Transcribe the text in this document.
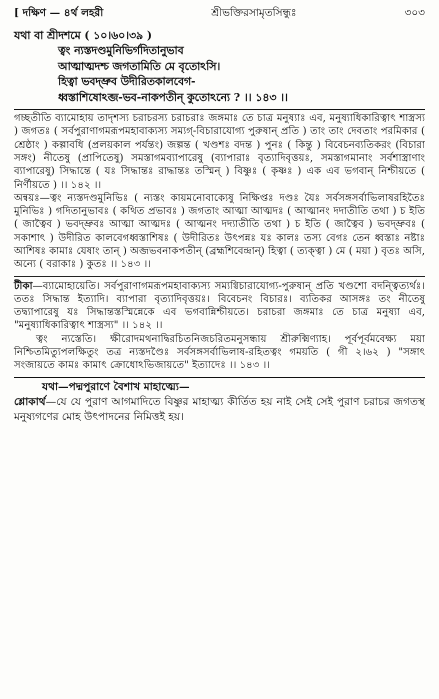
[ দক্ষিণ — ৪র্থ লহরী	শ্রীভক্তিরসামৃতসিন্ধুঃ	৩০৩
যথা বা শ্রীদশমে ( ১০।৬০।৩৯ )
ত্বং ন্যস্তদণ্ডমুনিভির্গদিতানুভাব
আত্মাত্মদশ্চ জগতামিতি মে বৃতোঽসি।
হিত্বা ভবদ্ভ্রুব উদীরিতকালবেগ-
ধ্বস্তাশিষোঽব্জ-ভব-নাকপতীন্ কুতোঽন্যে ? ।। ১৪৩ ।।

গচ্ছতীতি ব্যামোহায় তাদৃশস্য চরাচরস্য চরাচরাঃ জঙ্গমাঃ তে চাত্র মনুষ্যাঃ এব, মনুষ্যাধিকারিত্বাৎ শাস্ত্রস্য ) জগতঃ ( সর্বপুরাণাগমরূপমহাবাক্যস্য সম্যগ্-বিচারাযোগ্য পুরুষান্ প্রতি ) তাং তাং দেবতাং পরমিকার ( শ্রেষ্ঠাং ) কল্পাবধি (প্রলয়কাল পর্যন্তং) জল্পন্ত ( খণ্ডশঃ বদন্ত ) পুনঃ ( কিন্তু ) বিবেচনব্যতিকরং (বিচারা সঙ্গং) নীতেষু (প্রাপিতেষু) সমস্তাগমব্যাপারেষু (ব্যাপারাঃ বৃত্যাদিবৃত্তয়ঃ, সমস্তাগমানাং সর্বশাস্ত্রাণাং ব্যাপারেষু) সিদ্ধান্তে ( যঃ সিদ্ধান্তঃ রাদ্ধান্তঃ তস্মিন্ ) বিষ্ণুঃ ( কৃষ্ণঃ ) এক এব ভগবান্ নিশ্চীয়তে ( নির্ণীয়তে ) ।। ১৪২ ।।

অন্বয়ঃ—ত্বং ন্যস্তদণ্ডমুনিভিঃ ( ন্যস্তং কায়মনোবাক্যেষু নিক্ষিপ্তঃ দণ্ডঃ যৈঃ সর্বসঙ্গসর্বাভিলাষরহিতৈঃ মুনিভিঃ ) গদিতানুভাবঃ ( কথিত প্রভাবঃ ) জগতাং আত্মা আত্মদঃ ( আত্মানং দদাতীতি তথা ) চ ইতি ( জাত্বৈব ) ভবদ্ভ্রুবঃ আত্মা আত্মদঃ ( আত্মনং দদ্যাতীতি তথা ) চ ইতি ( জাত্বৈব ) ভবদ্ভ্রুবঃ ( সকাশাৎ ) উদীরিত কালবেগধ্বস্তাশিষঃ ( উদীরিতঃ উৎপন্নঃ যঃ কালঃ তস্য বেগঃ তেন ধ্বস্তাঃ নষ্টাঃ আশিষঃ কামাঃ যেষাং তান্ ) অব্জভবনাকপতীন্ (ব্রহ্মশিবেন্দ্রান্) হিত্বা ( ত্যক্ত্বা ) মে ( ময়া ) বৃতঃ অসি, অন্যে ( বরাকাঃ ) কুতঃ ।। ১৪৩ ।।

টীকা—ব্যামোহায়েতি। সর্বপুরাণাগমরূপমহাবাক্যস্য সম্যগ্বিচারাযোগ্য-পুরুষান্ প্রতি খণ্ডশো বদন্ত্বিত্যর্থঃ। ততঃ সিদ্ধান্ত ইত্যাদি। ব্যাপারা বৃত্যাদিবৃত্তয়ঃ। বিবেচনং বিচারঃ। ব্যতিকর আসঙ্গঃ তং নীতেষু তদ্ব্যাপারেষু যঃ সিদ্ধান্তস্তস্মিন্নেকে এব ভগবান্নিশ্চীয়তে। চরাচরা জঙ্গমাঃ তে চাত্র মনুষ্যা এব, "মনুষ্যাধিকারিত্বাৎ শাস্ত্রস্য" ।। ১৪২ ।।

ত্বং ন্যস্তেতি। ক্ষীরোদমথনাদ্বিরচিতনিজচরিতমনুসন্ধায় শ্রীরুক্মিণ্যাহ। পূর্বপূর্বমবেক্ষ্য ময়া নিশ্চিতমিত্যুপলক্ষিতুং তত্র ন্যস্তদণ্ডৈঃ সর্বসঙ্গসর্বাভিলাষ-রহিতত্বং গময়তি ( গী ২।৬২ ) "সঙ্গাৎ সংজায়তে কামঃ কামাৎ ক্রোধোঽভিজায়তে" ইত্যাদেঃ ।। ১৪৩ ।।

যথা—পদ্মপুরাণে বৈশাখ মাহাত্ম্যে—
শ্লোকার্থ—যে যে পুরাণ আগমাদিতে বিষ্ণুর মাহাত্ম্য কীর্তিত হয় নাই সেই সেই পুরাণ চরাচর জগতস্থ মনুষ্যগণের মোহ উৎপাদনের নিমিত্তই হয়।
